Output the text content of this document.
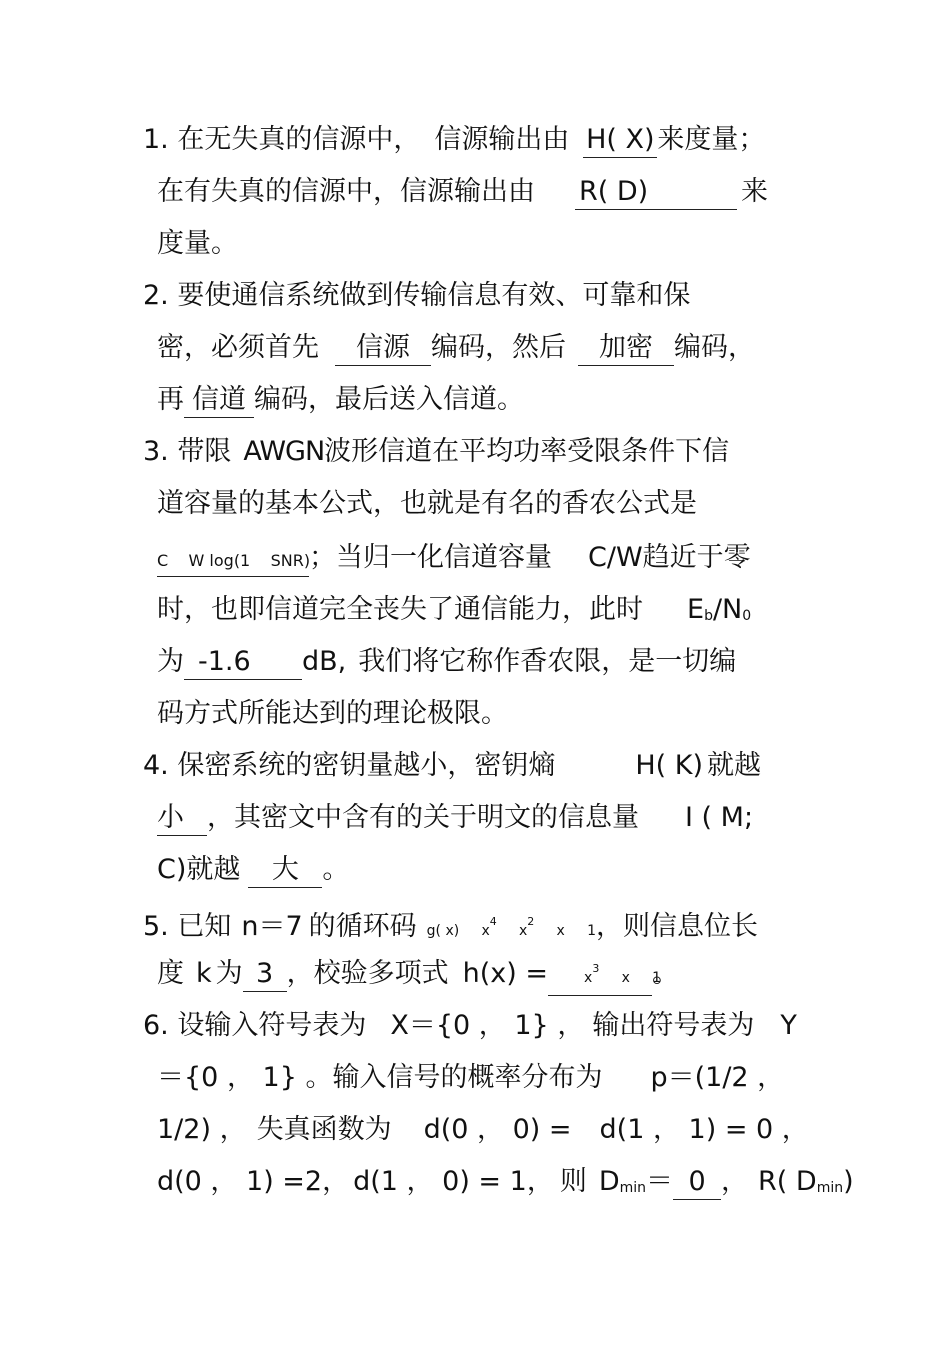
1. 在无失真的信源中， 信源输出由 H( X) 来度量；
在有失真的信源中，信源输出由 R( D)	来
度量。
2. 要使通信系统做到传输信息有效、可靠和保
密，必须首先 信源 编码，然后 加密 编码，
再 信道 编码，最后送入信道。
3. 带限 AWGN波形信道在平均功率受限条件下信
道容量的基本公式，也就是有名的香农公式是
C    W log(1    SNR)；当归一化信道容量 C/W趋近于零
时，也即信道完全丧失了通信能力，此时 $E_b/N_0$
为 -1.6 dB, 我们将它称作香农限，是一切编
码方式所能达到的理论极限。
4. 保密系统的密钥量越小，密钥熵	H( K) 就越
小 ，其密文中含有的关于明文的信息量 I ( M;
C)就越 大 。
5. 已知 n＝7 的循环码 g( x)     $x^4$     $x^2$     x     1，则信息位长
度 k 为 3 ，校验多项式 h(x) =	$x^3$     x     1。
6. 设输入符号表为 X＝{0 ， 1} ， 输出符号表为 Y
＝{0 ， 1} 。输入信号的概率分布为 p＝(1/2 ，
1/2) ， 失真函数为 d(0 ， 0) = d(1 ， 1) = 0 ，
d(0 ， 1) =2， d(1 ， 0) = 1， 则 $D_{min}= 0$ ， R( $D_{min}$)
